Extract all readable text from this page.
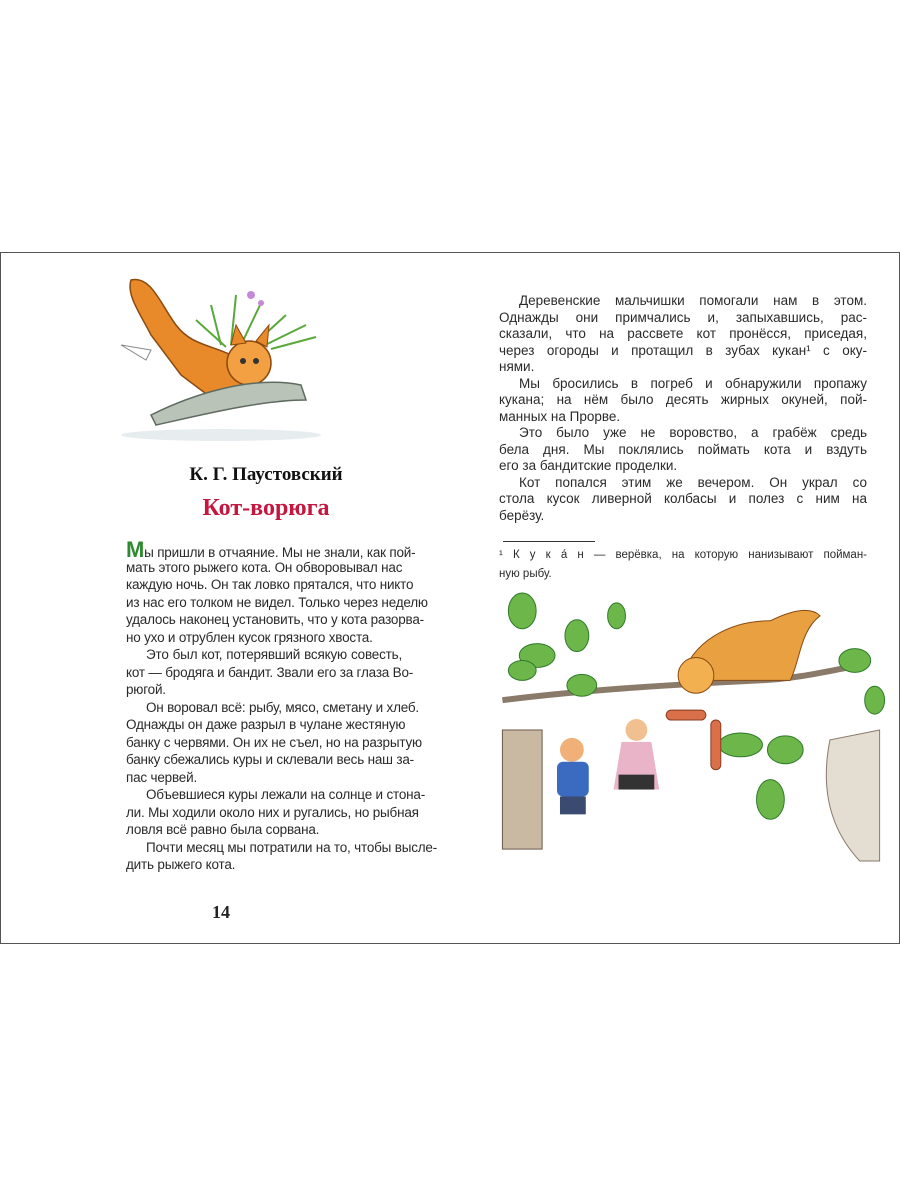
К. Г. Паустовский
Кот-ворюга
Мы пришли в отчаяние. Мы не знали, как пой-
мать этого рыжего кота. Он обворовывал нас
каждую ночь. Он так ловко прятался, что никто
из нас его толком не видел. Только через неделю
удалось наконец установить, что у кота разорва-
но ухо и отрублен кусок грязного хвоста.
Это был кот, потерявший всякую совесть,
кот — бродяга и бандит. Звали его за глаза Во-
рюгой.
Он воровал всё: рыбу, мясо, сметану и хлеб.
Однажды он даже разрыл в чулане жестяную
банку с червями. Он их не съел, но на разрытую
банку сбежались куры и склевали весь наш за-
пас червей.
Объевшиеся куры лежали на солнце и стона-
ли. Мы ходили около них и ругались, но рыбная
ловля всё равно была сорвана.
Почти месяц мы потратили на то, чтобы высле-
дить рыжего кота.
14
Деревенские мальчишки помогали нам в этом.
Однажды они примчались и, запыхавшись, рас-
сказали, что на рассвете кот пронёсся, приседая,
через огороды и протащил в зубах кукан¹ с оку-
нями.
Мы бросились в погреб и обнаружили пропажу
кукана; на нём было десять жирных окуней, пой-
манных на Прорве.
Это было уже не воровство, а грабёж средь
бела дня. Мы поклялись поймать кота и вздуть
его за бандитские проделки.
Кот попался этим же вечером. Он украл со
стола кусок ливерной колбасы и полез с ним на
берёзу.
¹ К у к а́ н — верёвка, на которую нанизывают пойман-
ную рыбу.
